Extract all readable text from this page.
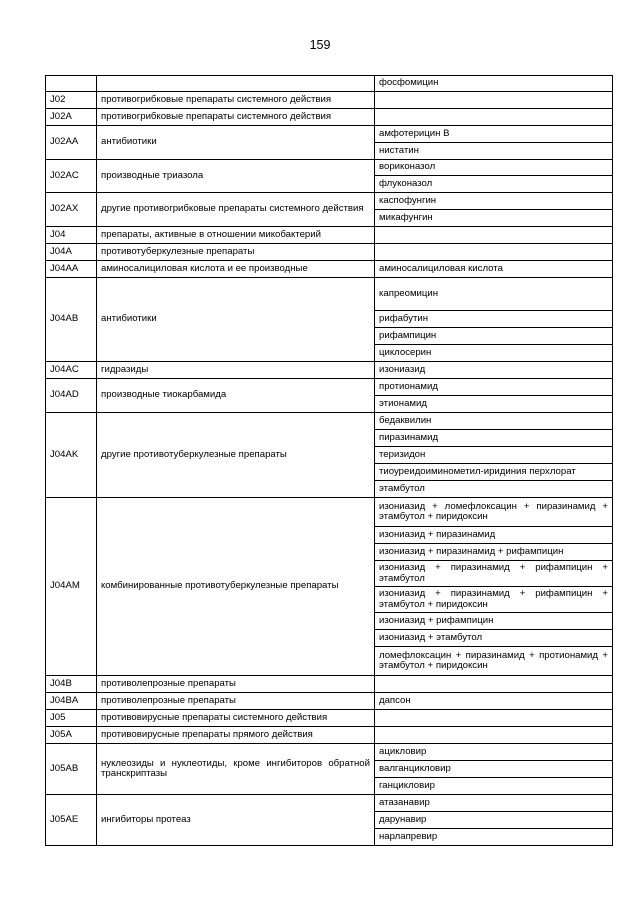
159
		фосфомицин
J02	противогрибковые препараты системного действия	
J02A	противогрибковые препараты системного действия	
J02AA	антибиотики	амфотерицин B
		нистатин
J02AC	производные триазола	вориконазол
		флуконазол
J02AX	другие противогрибковые препараты системного действия	каспофунгин
		микафунгин
J04	препараты, активные в отношении микобактерий	
J04A	противотуберкулезные препараты	
J04AA	аминосалициловая кислота и ее производные	аминосалициловая кислота
J04AB	антибиотики	капреомицин
		рифабутин
		рифампицин
		циклосерин
J04AC	гидразиды	изониазид
J04AD	производные тиокарбамида	протионамид
		этионамид
J04AK	другие противотуберкулезные препараты	бедаквилин
		пиразинамид
		теризидон
		тиоуреидоиминометил-иридиния перхлорат
		этамбутол
J04AM	комбинированные противотуберкулезные препараты	изониазид + ломефлоксацин + пиразинамид + этамбутол + пиридоксин
		изониазид + пиразинамид
		изониазид + пиразинамид + рифампицин
		изониазид + пиразинамид + рифампицин + этамбутол
		изониазид + пиразинамид + рифампицин + этамбутол + пиридоксин
		изониазид + рифампицин
		изониазид + этамбутол
		ломефлоксацин + пиразинамид + протионамид + этамбутол + пиридоксин
J04B	противолепрозные препараты	
J04BA	противолепрозные препараты	дапсон
J05	противовирусные препараты системного действия	
J05A	противовирусные препараты прямого действия	
J05AB	нуклеозиды и нуклеотиды, кроме ингибиторов обратной транскриптазы	ацикловир
		валганцикловир
		ганцикловир
J05AE	ингибиторы протеаз	атазанавир
		дарунавир
		нарлапревир
